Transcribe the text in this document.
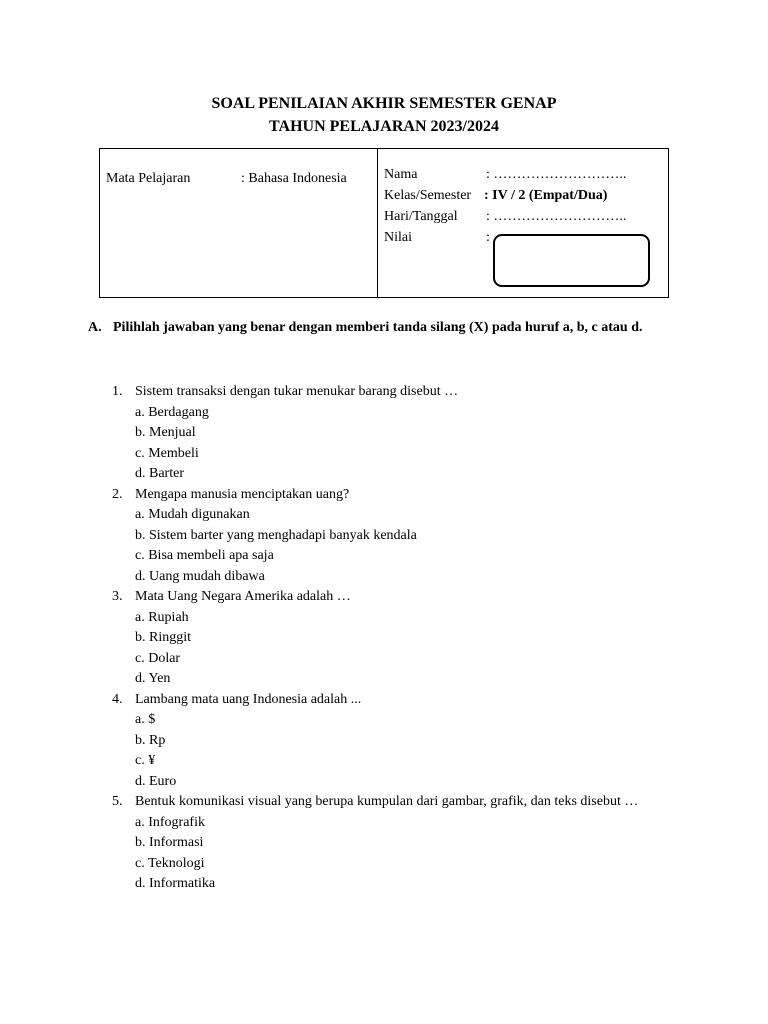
SOAL PENILAIAN AKHIR SEMESTER GENAP
TAHUN PELAJARAN 2023/2024
Mata Pelajaran	: Bahasa Indonesia	Nama	: ………………………..
Kelas/Semester : IV / 2 (Empat/Dua)
Hari/Tanggal : ………………………..
Nilai	:
A. Pilihlah jawaban yang benar dengan memberi tanda silang (X) pada huruf a, b, c atau d.
1. Sistem transaksi dengan tukar menukar barang disebut …
a. Berdagang
b. Menjual
c. Membeli
d. Barter
2. Mengapa manusia menciptakan uang?
a. Mudah digunakan
b. Sistem barter yang menghadapi banyak kendala
c. Bisa membeli apa saja
d. Uang mudah dibawa
3. Mata Uang Negara Amerika adalah …
a. Rupiah
b. Ringgit
c. Dolar
d. Yen
4. Lambang mata uang Indonesia adalah ...
a. $
b. Rp
c. ¥
d. Euro
5. Bentuk komunikasi visual yang berupa kumpulan dari gambar, grafik, dan teks disebut …
a. Infografik
b. Informasi
c. Teknologi
d. Informatika
